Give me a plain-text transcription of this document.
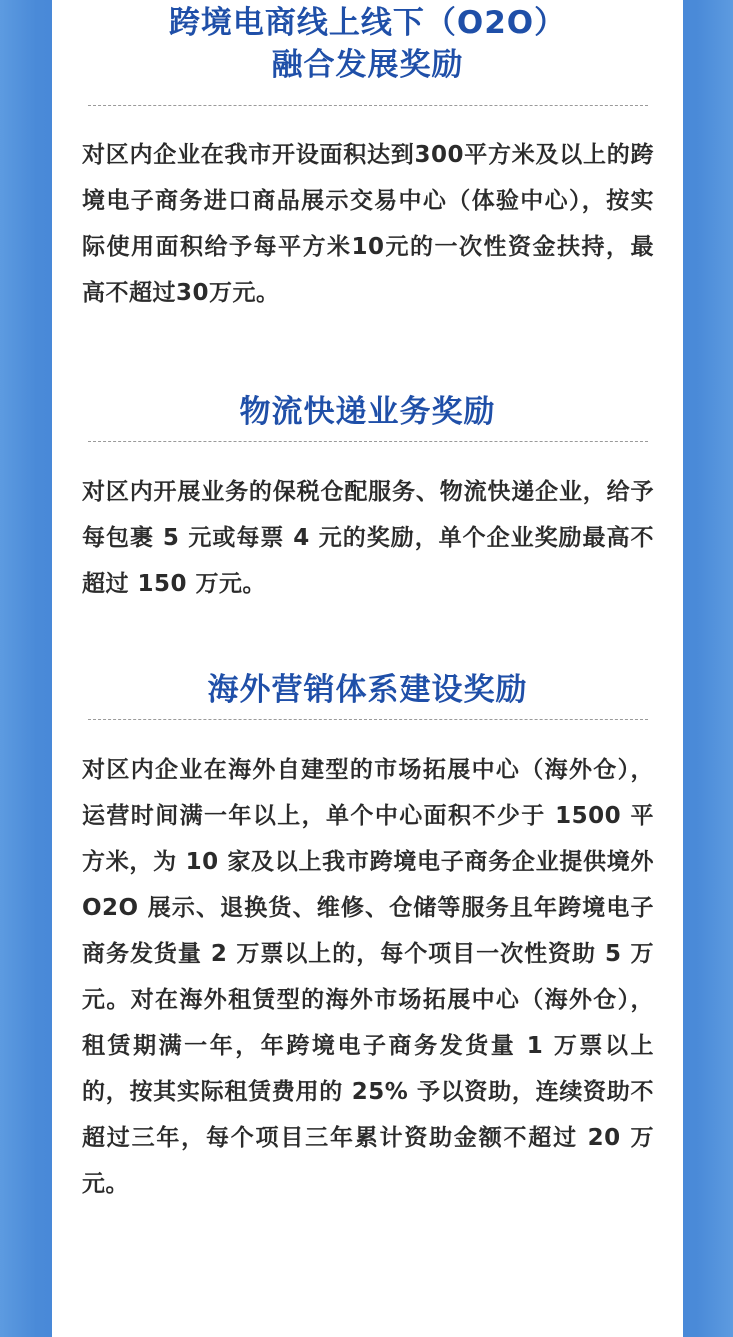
跨境电商线上线下（O2O）

融合发展奖励

对区内企业在我市开设面积达到300平方米及以上的跨境电子商务进口商品展示交易中心（体验中心），按实际使用面积给予每平方米10元的一次性资金扶持，最高不超过30万元。

物流快递业务奖励

对区内开展业务的保税仓配服务、物流快递企业，给予每包裹 5 元或每票 4 元的奖励，单个企业奖励最高不超过 150 万元。

海外营销体系建设奖励

对区内企业在海外自建型的市场拓展中心（海外仓），运营时间满一年以上，单个中心面积不少于 1500 平方米，为 10 家及以上我市跨境电子商务企业提供境外 O2O 展示、退换货、维修、仓储等服务且年跨境电子商务发货量 2 万票以上的，每个项目一次性资助 5 万元。对在海外租赁型的海外市场拓展中心（海外仓），租赁期满一年，年跨境电子商务发货量 1 万票以上的，按其实际租赁费用的 25% 予以资助，连续资助不超过三年，每个项目三年累计资助金额不超过 20 万元。
